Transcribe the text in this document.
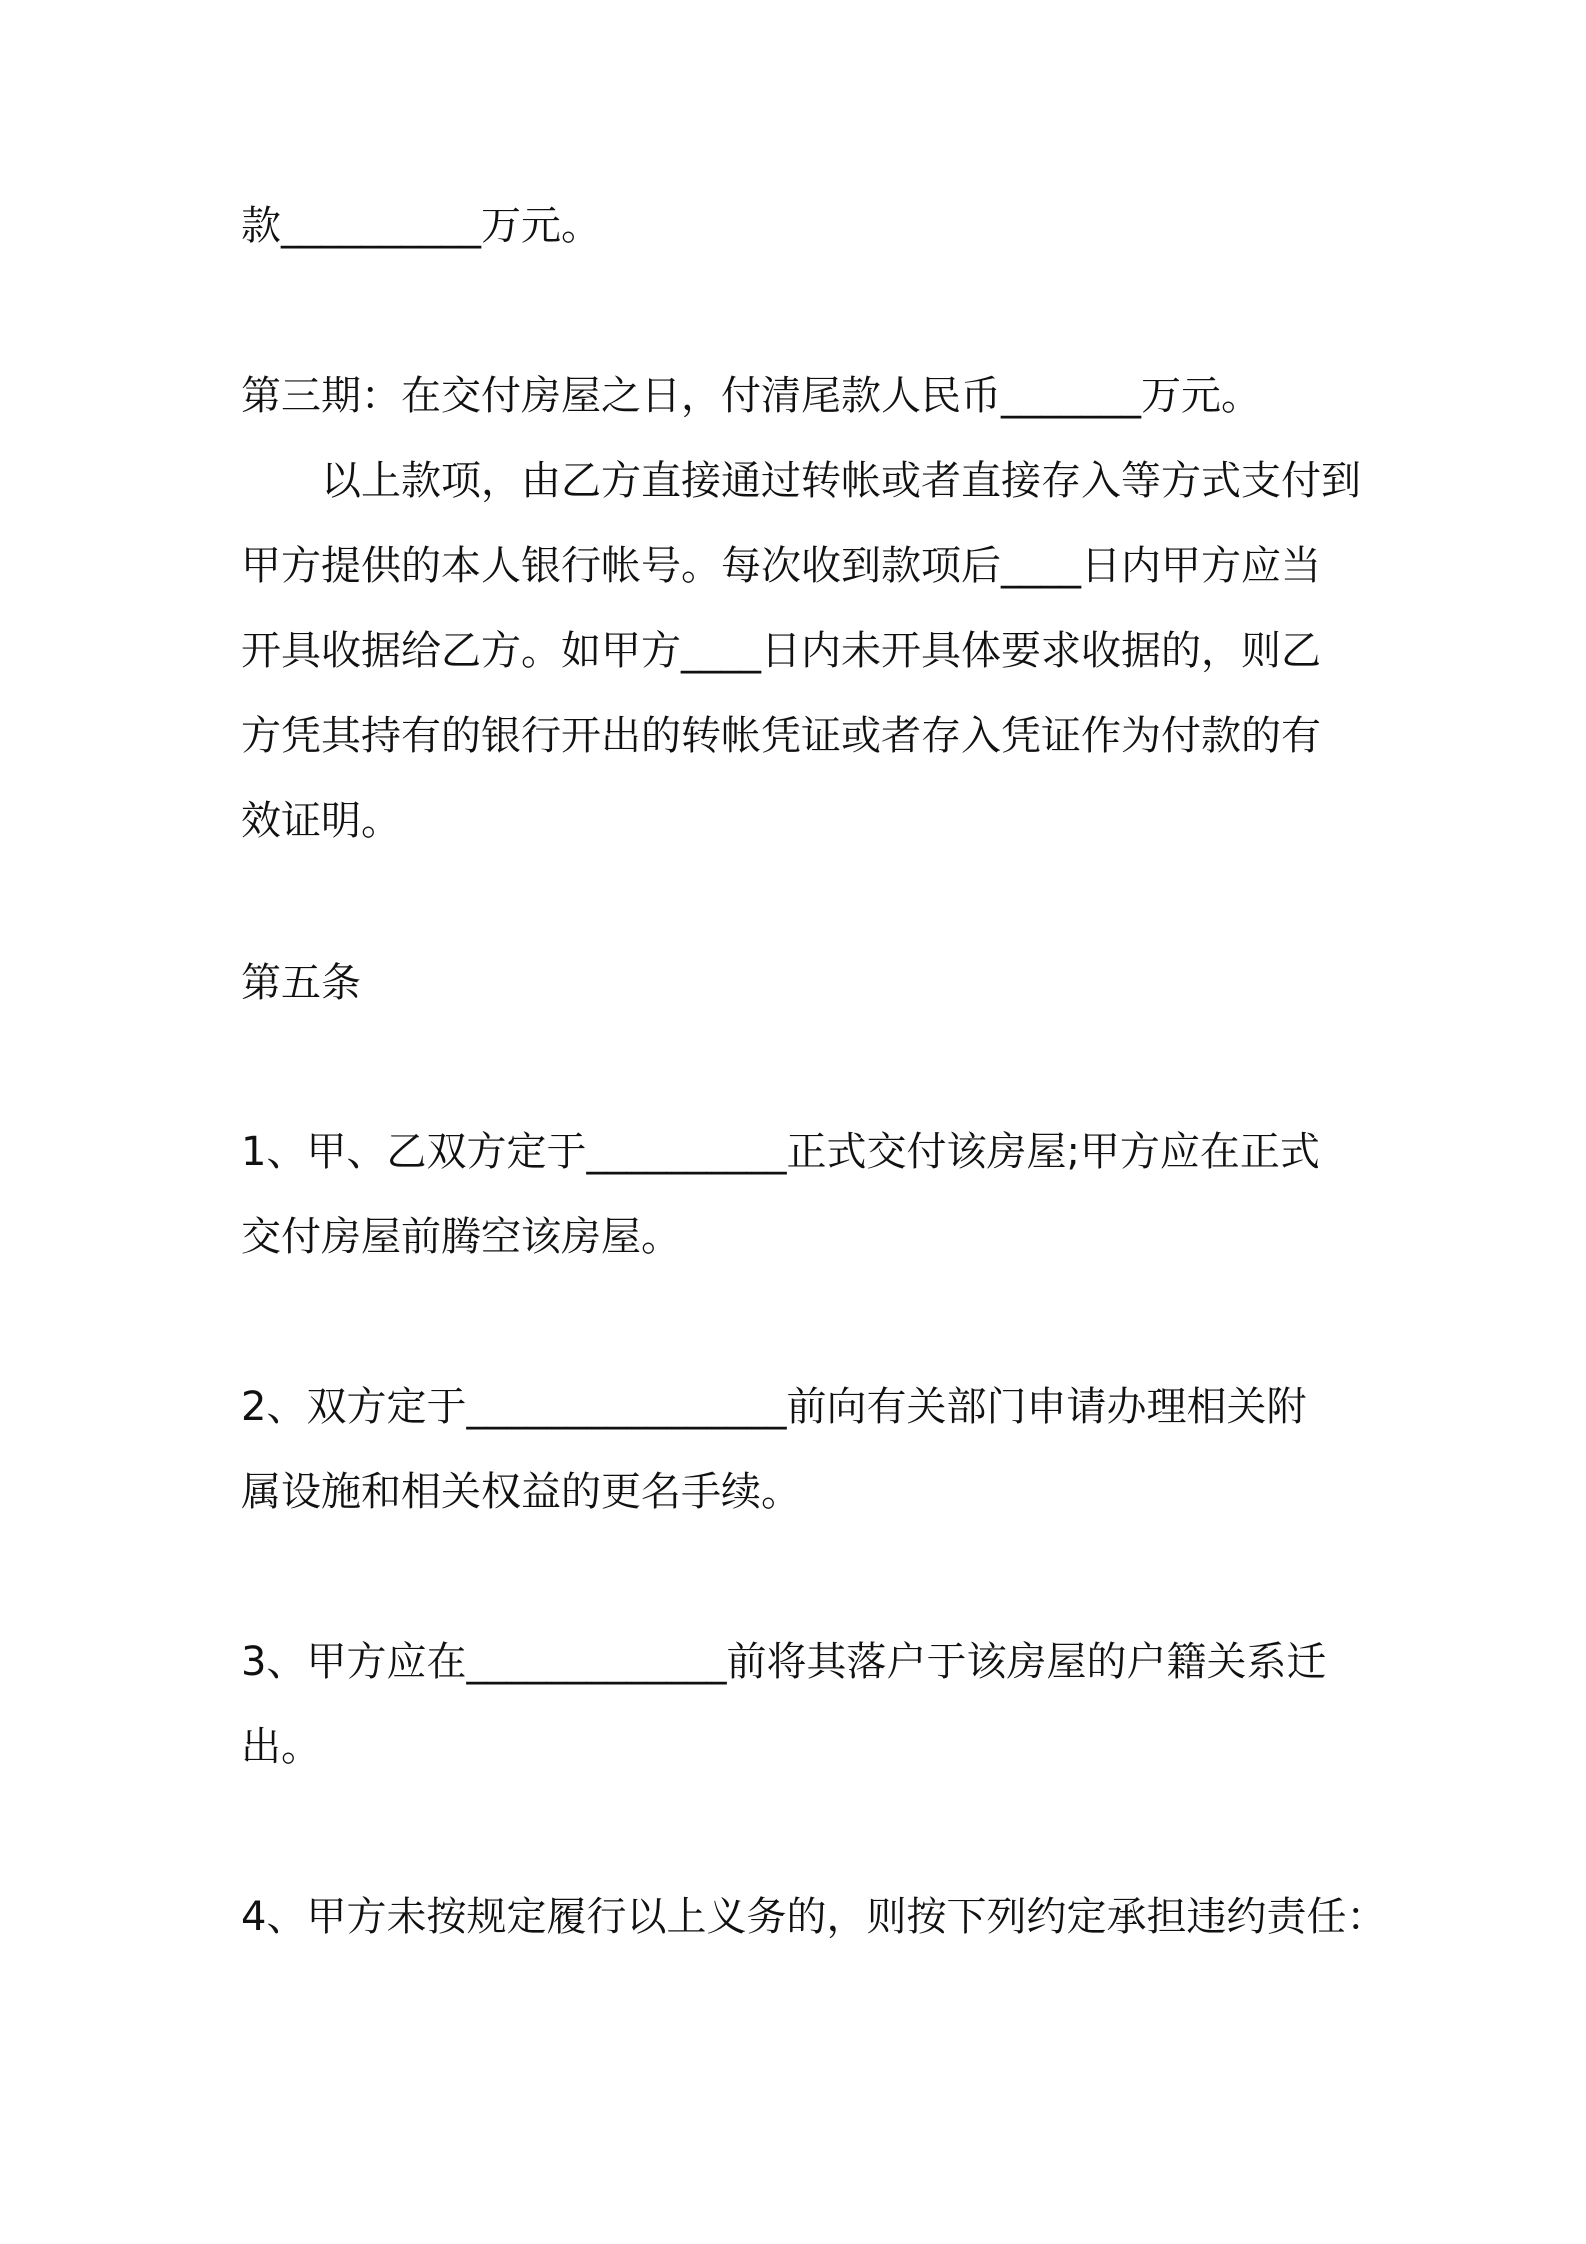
款__________万元。
第三期：在交付房屋之日，付清尾款人民币_______万元。
以上款项，由乙方直接通过转帐或者直接存入等方式支付到
甲方提供的本人银行帐号。每次收到款项后____日内甲方应当
开具收据给乙方。如甲方____日内未开具体要求收据的，则乙
方凭其持有的银行开出的转帐凭证或者存入凭证作为付款的有
效证明。
第五条
1、甲、乙双方定于__________正式交付该房屋;甲方应在正式
交付房屋前腾空该房屋。
2、双方定于________________前向有关部门申请办理相关附
属设施和相关权益的更名手续。
3、甲方应在_____________前将其落户于该房屋的户籍关系迁
出。
4、甲方未按规定履行以上义务的，则按下列约定承担违约责任：
